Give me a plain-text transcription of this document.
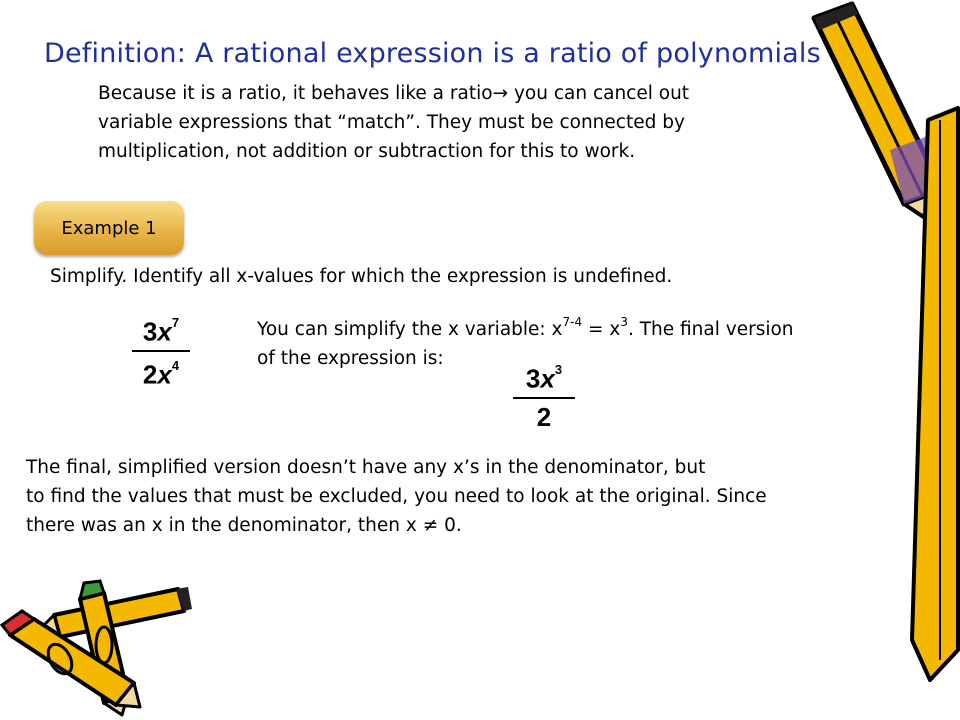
Definition: A rational expression is a ratio of polynomials
Because it is a ratio, it behaves like a ratio→ you can cancel out
variable expressions that “match”. They must be connected by
multiplication, not addition or subtraction for this to work.
Example 1
Simplify. Identify all x-values for which the expression is undefined.
$3x^7$
$2x^4$
You can simplify the x variable: $x^{7-4} = x^3$. The final version
of the expression is:
$3x^3$
2
The final, simplified version doesn’t have any x’s in the denominator, but
to find the values that must be excluded, you need to look at the original. Since
there was an x in the denominator, then x ≠ 0.
